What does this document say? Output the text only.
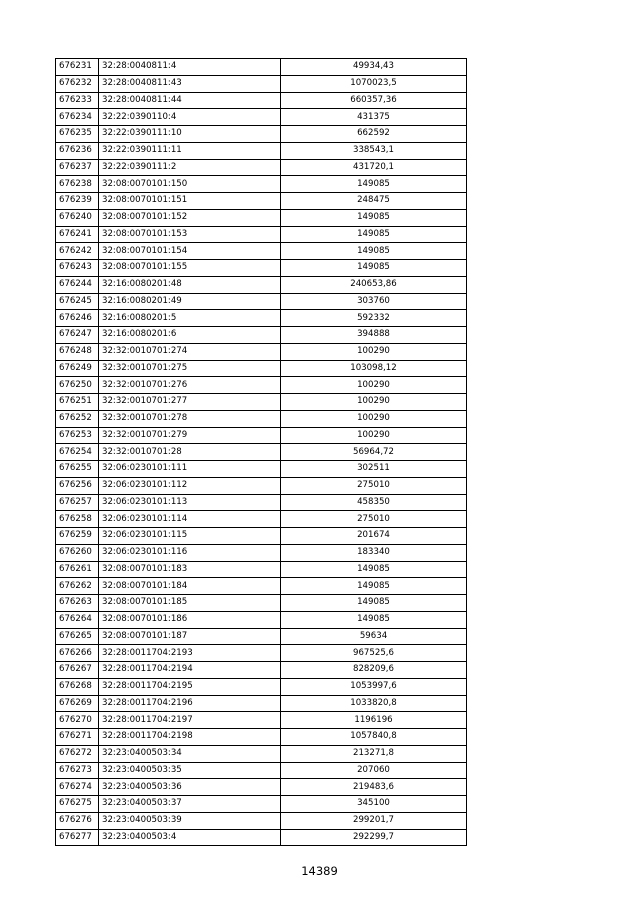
676231	32:28:0040811:4	49934,43
676232	32:28:0040811:43	1070023,5
676233	32:28:0040811:44	660357,36
676234	32:22:0390110:4	431375
676235	32:22:0390111:10	662592
676236	32:22:0390111:11	338543,1
676237	32:22:0390111:2	431720,1
676238	32:08:0070101:150	149085
676239	32:08:0070101:151	248475
676240	32:08:0070101:152	149085
676241	32:08:0070101:153	149085
676242	32:08:0070101:154	149085
676243	32:08:0070101:155	149085
676244	32:16:0080201:48	240653,86
676245	32:16:0080201:49	303760
676246	32:16:0080201:5	592332
676247	32:16:0080201:6	394888
676248	32:32:0010701:274	100290
676249	32:32:0010701:275	103098,12
676250	32:32:0010701:276	100290
676251	32:32:0010701:277	100290
676252	32:32:0010701:278	100290
676253	32:32:0010701:279	100290
676254	32:32:0010701:28	56964,72
676255	32:06:0230101:111	302511
676256	32:06:0230101:112	275010
676257	32:06:0230101:113	458350
676258	32:06:0230101:114	275010
676259	32:06:0230101:115	201674
676260	32:06:0230101:116	183340
676261	32:08:0070101:183	149085
676262	32:08:0070101:184	149085
676263	32:08:0070101:185	149085
676264	32:08:0070101:186	149085
676265	32:08:0070101:187	59634
676266	32:28:0011704:2193	967525,6
676267	32:28:0011704:2194	828209,6
676268	32:28:0011704:2195	1053997,6
676269	32:28:0011704:2196	1033820,8
676270	32:28:0011704:2197	1196196
676271	32:28:0011704:2198	1057840,8
676272	32:23:0400503:34	213271,8
676273	32:23:0400503:35	207060
676274	32:23:0400503:36	219483,6
676275	32:23:0400503:37	345100
676276	32:23:0400503:39	299201,7
676277	32:23:0400503:4	292299,7
14389
